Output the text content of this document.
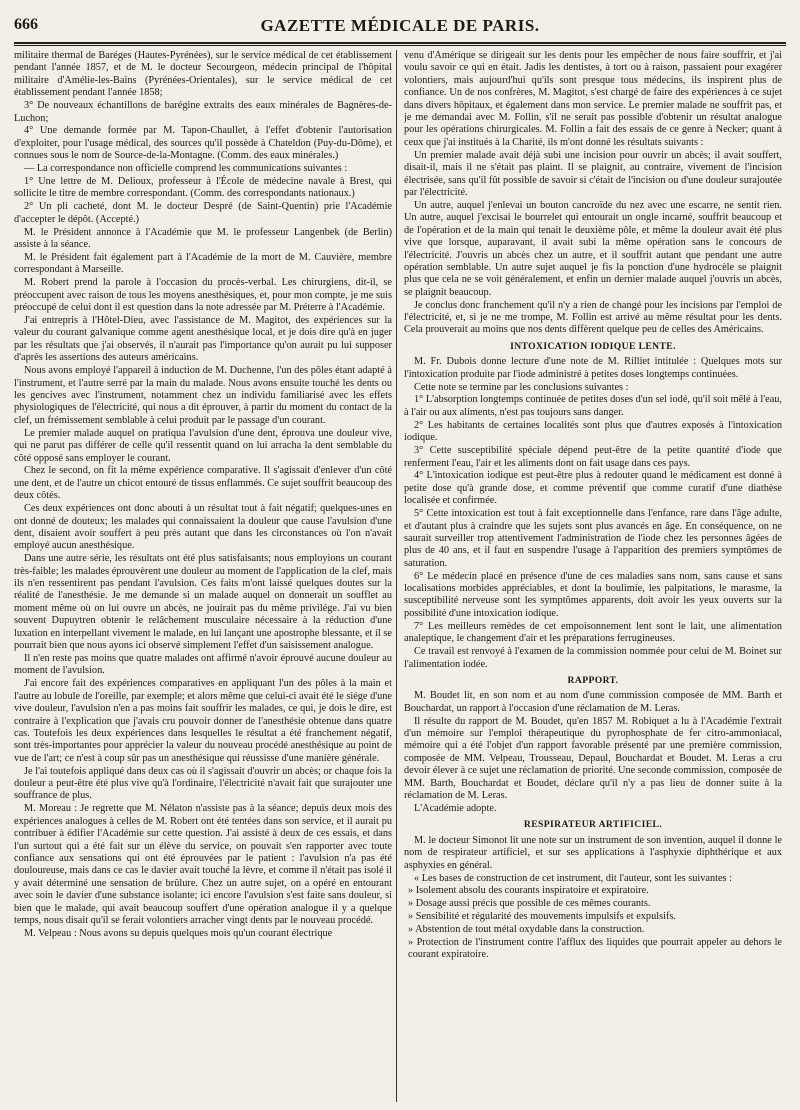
666	GAZETTE MÉDICALE DE PARIS.

militaire thermal de Baréges (Hautes-Pyrénées), sur le service médical de cet établissement pendant l'année 1857, et de M. le docteur Secourgeon, médecin principal de l'hôpital militaire d'Amélie-les-Bains (Pyrénées-Orientales), sur le service médical de cet établissement pendant l'année 1858;

3° De nouveaux échantillons de barégine extraits des eaux minérales de Bagnères-de-Luchon;

4° Une demande formée par M. Tapon-Chaullet, à l'effet d'obtenir l'autorisation d'exploiter, pour l'usage médical, des sources qu'il possède à Chateldon (Puy-du-Dôme), et connues sous le nom de Source-de-la-Montagne. (Comm. des eaux minérales.)

— La correspondance non officielle comprend les communications suivantes :

1° Une lettre de M. Delioux, professeur à l'École de médecine navale à Brest, qui sollicite le titre de membre correspondant. (Comm. des correspondants nationaux.)

2° Un pli cacheté, dont M. le docteur Despré (de Saint-Quentin) prie l'Académie d'accepter le dépôt. (Accepté.)

M. le Président annonce à l'Académie que M. le professeur Langenbek (de Berlin) assiste à la séance.

M. le Président fait également part à l'Académie de la mort de M. Cauvière, membre correspondant à Marseille.

M. Robert prend la parole à l'occasion du procès-verbal. Les chirurgiens, dit-il, se préoccupent avec raison de tous les moyens anesthésiques, et, pour mon compte, je me suis préoccupé de celui dont il est question dans la note adressée par M. Préterre à l'Académie.

J'ai entrepris à l'Hôtel-Dieu, avec l'assistance de M. Magitot, des expériences sur la valeur du courant galvanique comme agent anesthésique local, et je dois dire qu'à en juger par les résultats que j'ai observés, il n'aurait pas l'importance qu'on aurait pu lui supposer d'après les assertions des auteurs américains.

Nous avons employé l'appareil à induction de M. Duchenne, l'un des pôles étant adapté à l'instrument, et l'autre serré par la main du malade. Nous avons ensuite touché les dents ou les gencives avec l'instrument, notamment chez un individu familiarisé avec les effets physiologiques de l'électricité, qui nous a dit éprouver, à partir du moment du contact de la clef, un frémissement semblable à celui produit par le passage d'un courant.

Le premier malade auquel on pratiqua l'avulsion d'une dent, éprouva une douleur vive, qui ne parut pas différer de celle qu'il ressentit quand on lui arracha la dent semblable du côté opposé sans employer le courant.

Chez le second, on fit la même expérience comparative. Il s'agissait d'enlever d'un côté une dent, et de l'autre un chicot entouré de tissus enflammés. Ce sujet souffrit beaucoup des deux côtés.

Ces deux expériences ont donc abouti à un résultat tout à fait négatif; quelques-unes en ont donné de douteux; les malades qui connaissaient la douleur que cause l'avulsion d'une dent, disaient avoir souffert à peu près autant que dans les circonstances où l'on n'avait employé aucun anesthésique.

Dans une autre série, les résultats ont été plus satisfaisants; nous employions un courant très-faible; les malades éprouvèrent une douleur au moment de l'application de la clef, mais ils n'en ressentirent pas pendant l'avulsion. Ces faits m'ont laissé quelques doutes sur la réalité de l'anesthésie. Je me demande si un malade auquel on donnerait un soufflet au moment même où on lui ouvre un abcès, ne jouirait pas du même privilége. J'ai vu bien souvent Dupuytren obtenir le relâchement musculaire nécessaire à la réduction d'une luxation en interpellant vivement le malade, en lui lançant une apostrophe blessante, et il se pourrait bien que nous ayons ici observé simplement l'effet d'un saisissement analogue.

Il n'en reste pas moins que quatre malades ont affirmé n'avoir éprouvé aucune douleur au moment de l'avulsion.

J'ai encore fait des expériences comparatives en appliquant l'un des pôles à la main et l'autre au lobule de l'oreille, par exemple; et alors même que celui-ci avait été le siége d'une vive douleur, l'avulsion n'en a pas moins fait souffrir les malades, ce qui, je dois le dire, est contraire à l'explication que j'avais cru pouvoir donner de l'anesthésie obtenue dans quatre cas. Toutefois les deux expériences dans lesquelles le résultat a été franchement négatif, sont très-importantes pour apprécier la valeur du nouveau procédé anesthésique au point de vue de l'art; ce n'est à coup sûr pas un anesthésique qui réussisse d'une manière générale.

Je l'ai toutefois appliqué dans deux cas où il s'agissait d'ouvrir un abcès; or chaque fois la douleur a peut-être été plus vive qu'à l'ordinaire, l'électricité n'avait fait que surajouter une souffrance de plus.

M. Moreau : Je regrette que M. Nélaton n'assiste pas à la séance; depuis deux mois des expériences analogues à celles de M. Robert ont été tentées dans son service, et il aurait pu contribuer à édifier l'Académie sur cette question. J'ai assisté à deux de ces essais, et dans l'un surtout qui a été fait sur un élève du service, on pouvait s'en rapporter avec toute confiance aux sensations qui ont été éprouvées par le patient : l'avulsion n'a pas été douloureuse, mais dans ce cas le davier avait touché la lèvre, et comme il n'était pas isolé il y avait déterminé une sensation de brûlure. Chez un autre sujet, on a opéré en entourant avec soin le davier d'une substance isolante; ici encore l'avulsion s'est faite sans douleur, si bien que le malade, qui avait beaucoup souffert d'une opération analogue il y a quelque temps, nous disait qu'il se ferait volontiers arracher vingt dents par le nouveau procédé.

M. Velpeau : Nous avons su depuis quelques mois qu'un courant électrique

venu d'Amérique se dirigeait sur les dents pour les empêcher de nous faire souffrir, et j'ai voulu savoir ce qui en était. Jadis les dentistes, à tort ou à raison, passaient pour exagérer volontiers, mais aujourd'hui qu'ils sont presque tous médecins, ils inspirent plus de confiance. Un de nos confrères, M. Magitot, s'est chargé de faire des expériences à ce sujet dans divers hôpitaux, et également dans mon service. Le premier malade ne souffrit pas, et je me demandai avec M. Follin, s'il ne serait pas possible d'obtenir un résultat analogue pour les opérations chirurgicales. M. Follin a fait des essais de ce genre à Necker; quant à ceux que j'ai institués à la Charité, ils m'ont donné les résultats suivants :

Un premier malade avait déjà subi une incision pour ouvrir un abcès; il avait souffert, disait-il, mais il ne s'était pas plaint. Il se plaignit, au contraire, vivement de l'incision électrisée, sans qu'il fût possible de savoir si c'était de l'incision ou d'une douleur surajoutée par l'électricité.

Un autre, auquel j'enlevai un bouton cancroïde du nez avec une escarre, ne sentit rien. Un autre, auquel j'excisai le bourrelet qui entourait un ongle incarné, souffrit beaucoup et de l'opération et de la main qui tenait le deuxième pôle, et même la douleur avait été plus vive que lorsque, auparavant, il avait subi la même opération sans le concours de l'électricité. J'ouvris un abcès chez un autre, et il souffrit autant que pendant une autre opération semblable. Un autre sujet auquel je fis la ponction d'une hydrocèle se plaignit plus que cela ne se voit généralement, et enfin un dernier malade auquel j'ouvris un abcès, se plaignit beaucoup.

Je conclus donc franchement qu'il n'y a rien de changé pour les incisions par l'emploi de l'électricité, et, si je ne me trompe, M. Follin est arrivé au même résultat pour les dents. Cela prouverait au moins que nos dents diffèrent quelque peu de celles des Américains.

INTOXICATION IODIQUE LENTE.

M. Fr. Dubois donne lecture d'une note de M. Rilliet intitulée : Quelques mots sur l'intoxication produite par l'iode administré à petites doses longtemps continuées.

Cette note se termine par les conclusions suivantes :

1° L'absorption longtemps continuée de petites doses d'un sel iodé, qu'il soit mêlé à l'eau, à l'air ou aux aliments, n'est pas toujours sans danger.

2° Les habitants de certaines localités sont plus que d'autres exposés à l'intoxication iodique.

3° Cette susceptibilité spéciale dépend peut-être de la petite quantité d'iode que renferment l'eau, l'air et les aliments dont on fait usage dans ces pays.

4° L'intoxication iodique est peut-être plus à redouter quand le médicament est donné à petite dose qu'à grande dose, et comme préventif que comme curatif d'une diathèse localisée et confirmée.

5° Cette intoxication est tout à fait exceptionnelle dans l'enfance, rare dans l'âge adulte, et d'autant plus à craindre que les sujets sont plus avancés en âge. En conséquence, on ne saurait surveiller trop attentivement l'administration de l'iode chez les personnes âgées de plus de 40 ans, et il faut en suspendre l'usage à l'apparition des premiers symptômes de saturation.

6° Le médecin placé en présence d'une de ces maladies sans nom, sans cause et sans localisations morbides appréciables, et dont la boulimie, les palpitations, le marasme, la susceptibilité nerveuse sont les symptômes apparents, doit avoir les yeux ouverts sur la possibilité d'une intoxication iodique.

7° Les meilleurs remèdes de cet empoisonnement lent sont le lait, une alimentation analeptique, le changement d'air et les préparations ferrugineuses.

Ce travail est renvoyé à l'examen de la commission nommée pour celui de M. Boinet sur l'alimentation iodée.

RAPPORT.

M. Boudet lit, en son nom et au nom d'une commission composée de MM. Barth et Bouchardat, un rapport à l'occasion d'une réclamation de M. Leras.

Il résulte du rapport de M. Boudet, qu'en 1857 M. Robiquet a lu à l'Académie l'extrait d'un mémoire sur l'emploi thérapeutique du pyrophosphate de fer citro-ammoniacal, mémoire qui a été l'objet d'un rapport favorable présenté par une première commission, composée de MM. Velpeau, Trousseau, Depaul, Bouchardat et Boudet. M. Leras a cru devoir élever à ce sujet une réclamation de priorité. Une seconde commission, composée de MM. Barth, Bouchardat et Boudet, déclare qu'il n'y a pas lieu de donner suite à la réclamation de M. Leras.

L'Académie adopte.

RESPIRATEUR ARTIFICIEL.

M. le docteur Simonot lit une note sur un instrument de son invention, auquel il donne le nom de respirateur artificiel, et sur ses applications à l'asphyxie diphthérique et aux asphyxies en général.

« Les bases de construction de cet instrument, dit l'auteur, sont les suivantes :

» Isolement absolu des courants inspiratoire et expiratoire.

» Dosage aussi précis que possible de ces mêmes courants.

» Sensibilité et régularité des mouvements impulsifs et expulsifs.

» Abstention de tout métal oxydable dans la construction.

» Protection de l'instrument contre l'afflux des liquides que pourrait appeler au dehors le courant expiratoire.
